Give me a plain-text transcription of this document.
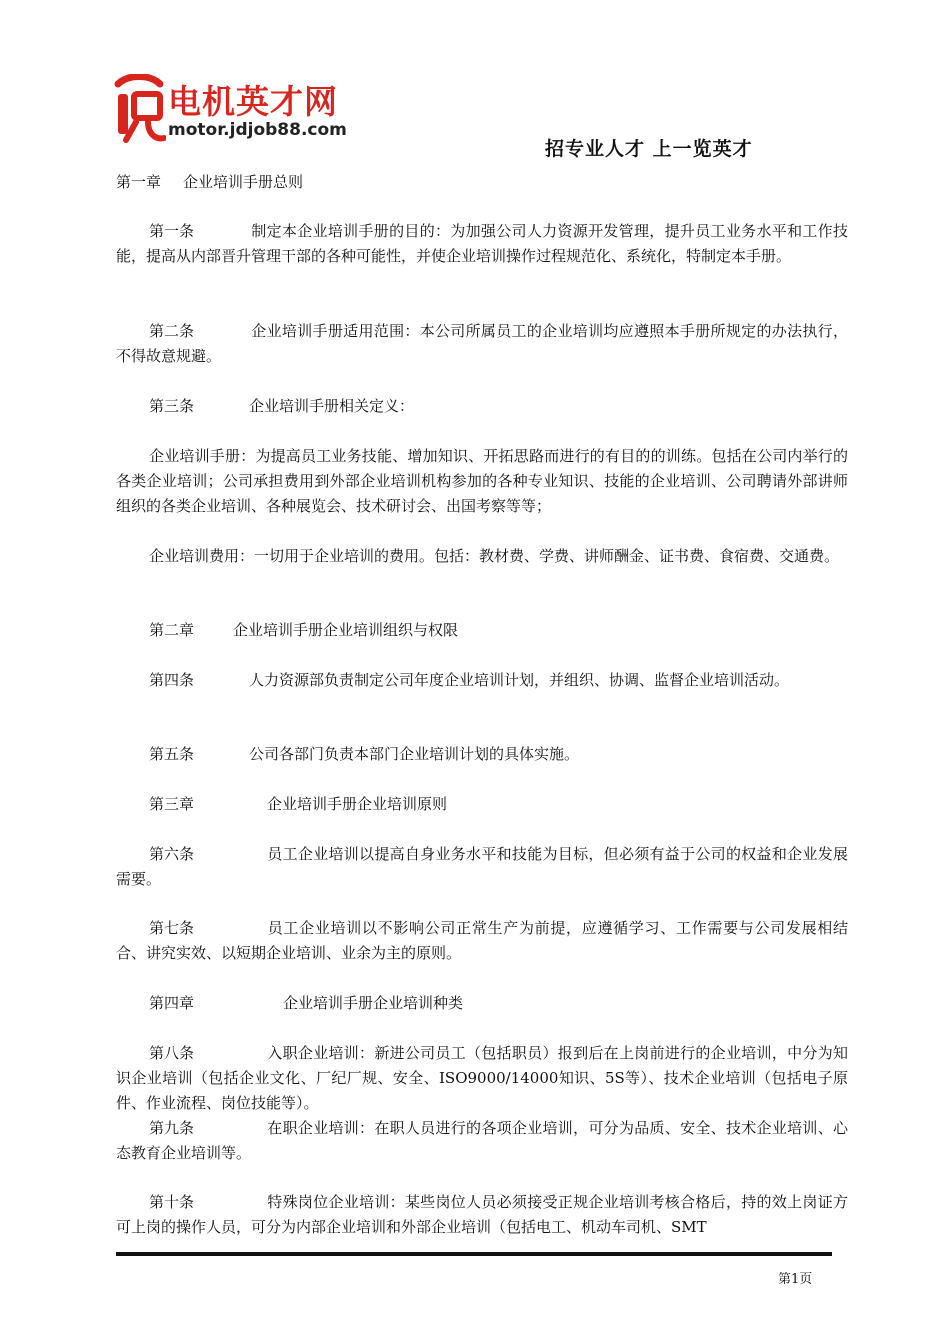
电机英才网
motor.jdjob88.com
招专业人才 上一览英才
第一章 企业培训手册总则
第一条	制定本企业培训手册的目的：为加强公司人力资源开发管理，提升员工业务水平和工作技能，提高从内部晋升管理干部的各种可能性，并使企业培训操作过程规范化、系统化，特制定本手册。
第二条	企业培训手册适用范围：本公司所属员工的企业培训均应遵照本手册所规定的办法执行，不得故意规避。
第三条	企业培训手册相关定义：
企业培训手册：为提高员工业务技能、增加知识、开拓思路而进行的有目的的训练。包括在公司内举行的各类企业培训；公司承担费用到外部企业培训机构参加的各种专业知识、技能的企业培训、公司聘请外部讲师组织的各类企业培训、各种展览会、技术研讨会、出国考察等等；
企业培训费用：一切用于企业培训的费用。包括：教材费、学费、讲师酬金、证书费、食宿费、交通费。
第二章	企业培训手册企业培训组织与权限
第四条	人力资源部负责制定公司年度企业培训计划，并组织、协调、监督企业培训活动。
第五条	公司各部门负责本部门企业培训计划的具体实施。
第三章	企业培训手册企业培训原则
第六条	员工企业培训以提高自身业务水平和技能为目标，但必须有益于公司的权益和企业发展需要。
第七条	员工企业培训以不影响公司正常生产为前提，应遵循学习、工作需要与公司发展相结合、讲究实效、以短期企业培训、业余为主的原则。
第四章	企业培训手册企业培训种类
第八条	入职企业培训：新进公司员工（包括职员）报到后在上岗前进行的企业培训，中分为知识企业培训（包括企业文化、厂纪厂规、安全、ISO9000/14000知识、5S等）、技术企业培训（包括电子原件、作业流程、岗位技能等）。
第九条	在职企业培训：在职人员进行的各项企业培训，可分为品质、安全、技术企业培训、心态教育企业培训等。
第十条	特殊岗位企业培训：某些岗位人员必须接受正规企业培训考核合格后，持的效上岗证方可上岗的操作人员，可分为内部企业培训和外部企业培训（包括电工、机动车司机、SMT
第1页
